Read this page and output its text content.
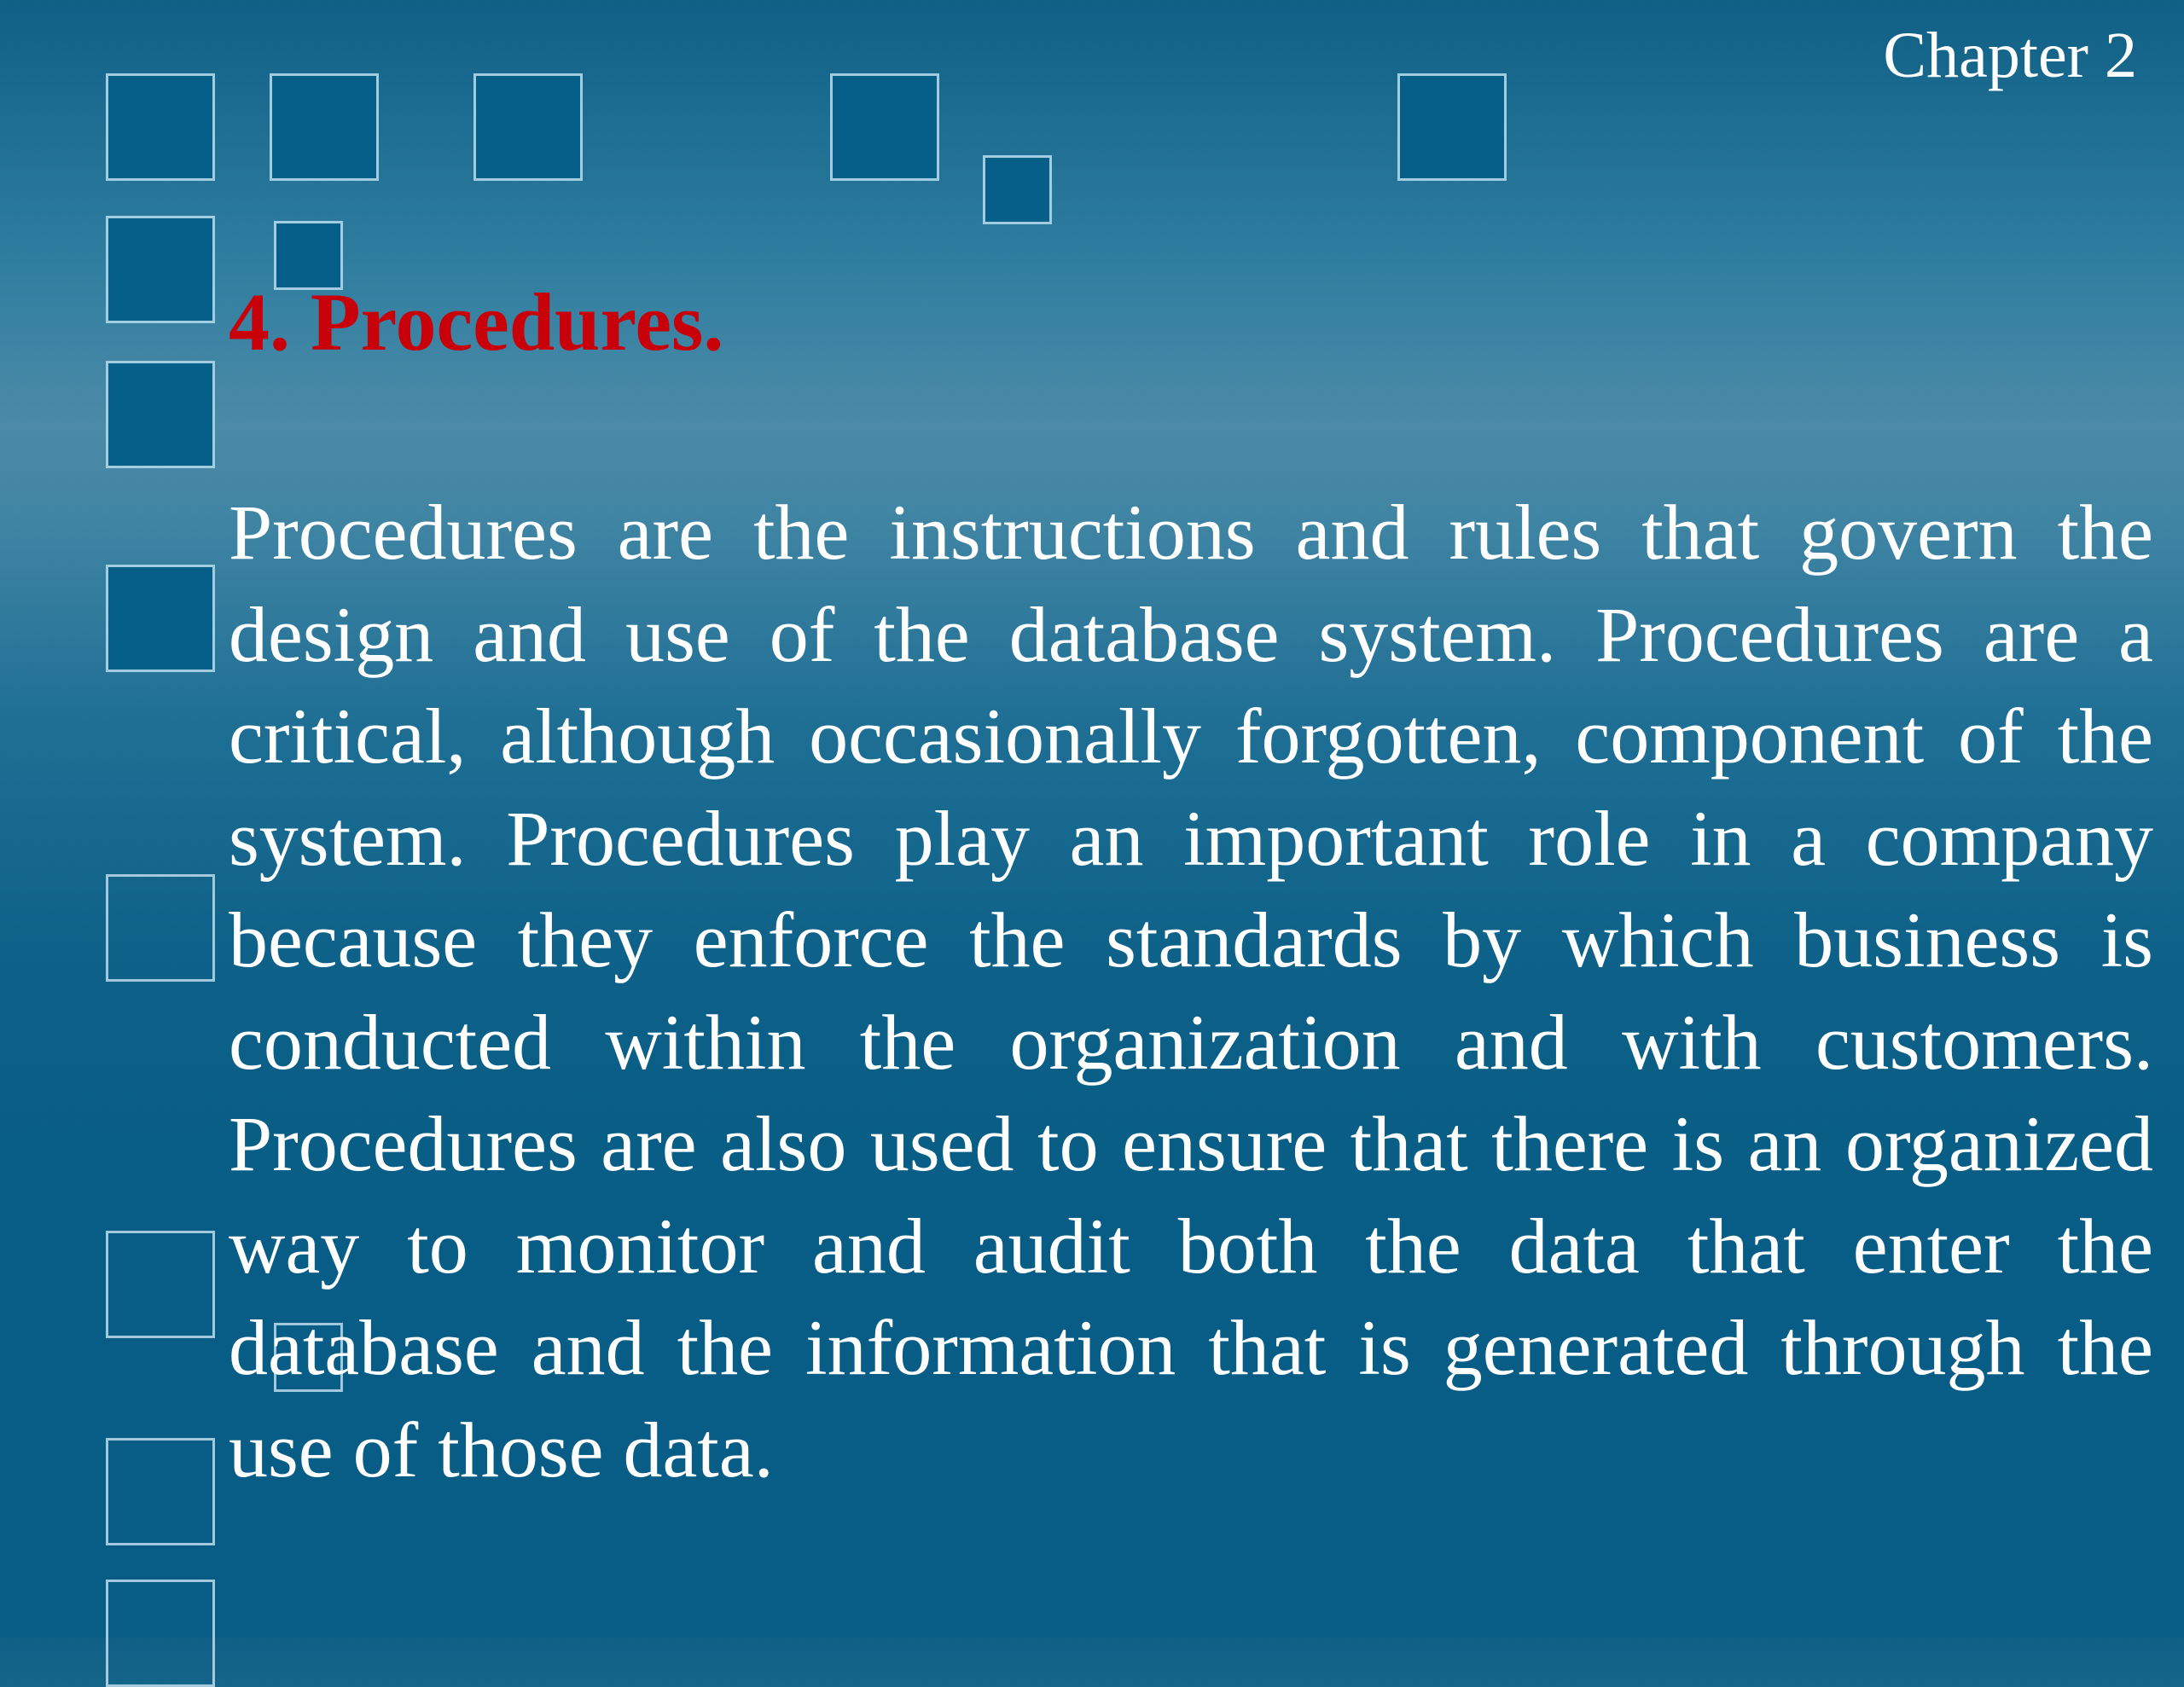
Chapter 2
4. Procedures.

Procedures are the instructions and rules that govern the design and use of the database system. Procedures are a critical, although occasionally forgotten, component of the system. Procedures play an important role in a company because they enforce the standards by which business is conducted within the organization and with customers. Procedures are also used to ensure that there is an organized way to monitor and audit both the data that enter the database and the information that is generated through the use of those data.
